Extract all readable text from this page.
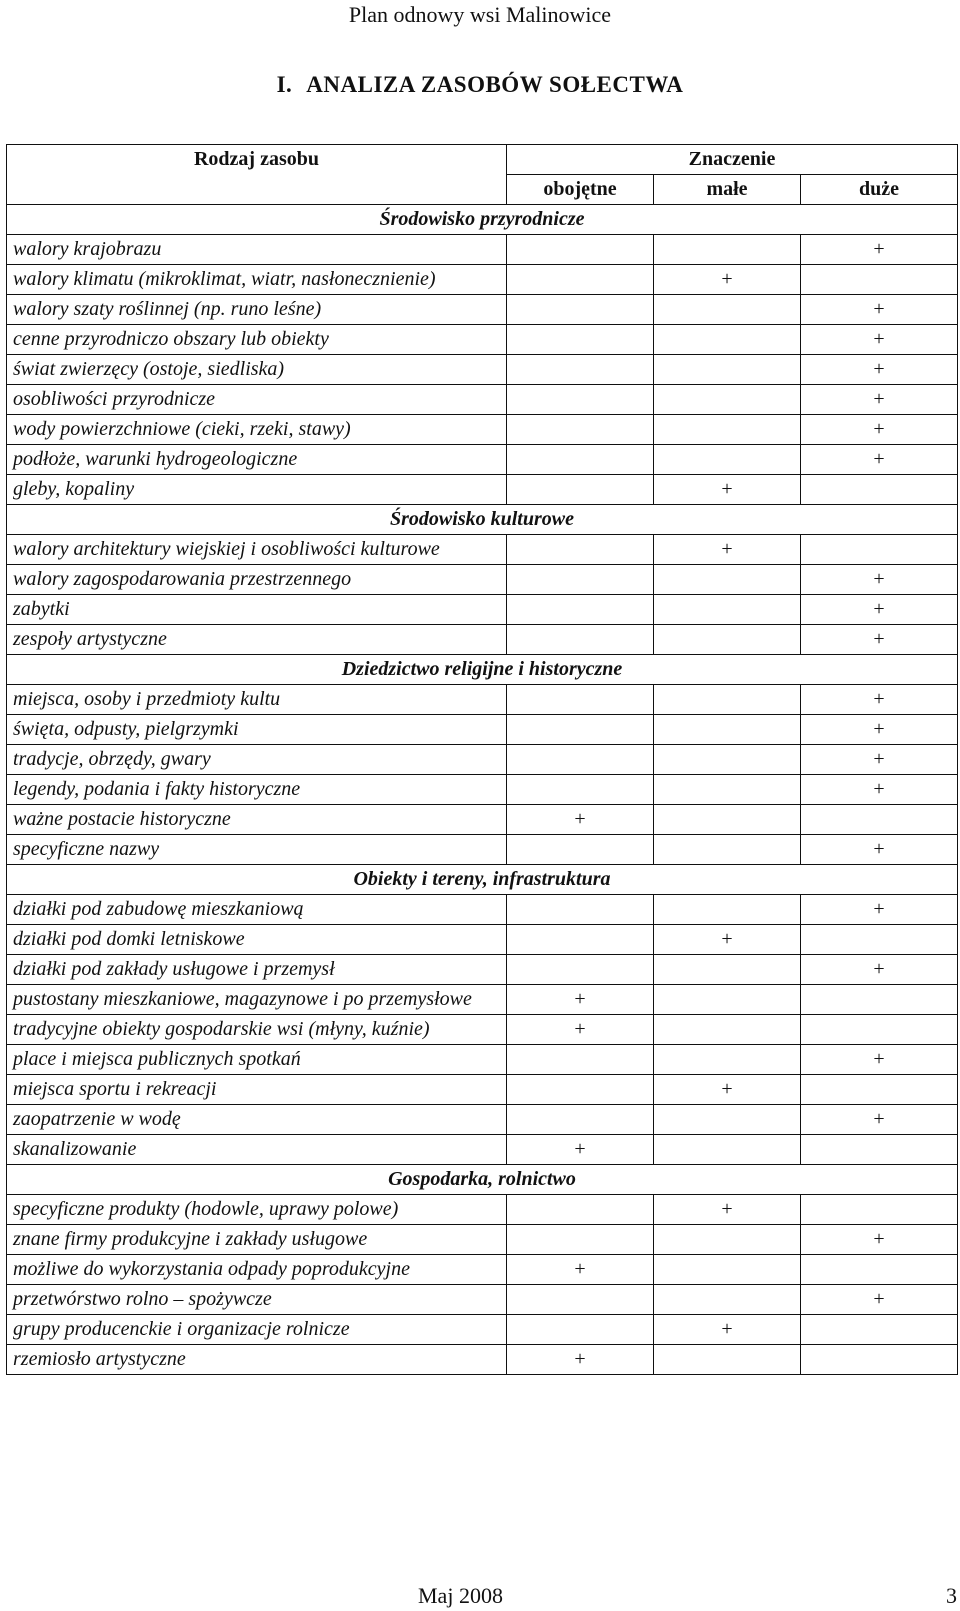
Plan odnowy wsi Malinowice
I. ANALIZA ZASOBÓW SOŁECTWA
Rodzaj zasobu	Znaczenie		
	obojętne	małe	duże
Środowisko przyrodnicze			
walory krajobrazu			+
walory klimatu (mikroklimat, wiatr, nasłonecznienie)		+	
walory szaty roślinnej (np. runo leśne)			+
cenne przyrodniczo obszary lub obiekty			+
świat zwierzęcy (ostoje, siedliska)			+
osobliwości przyrodnicze			+
wody powierzchniowe (cieki, rzeki, stawy)			+
podłoże, warunki hydrogeologiczne			+
gleby, kopaliny		+	
Środowisko kulturowe			
walory architektury wiejskiej i osobliwości kulturowe		+	
walory zagospodarowania przestrzennego			+
zabytki			+
zespoły artystyczne			+
Dziedzictwo religijne i historyczne			
miejsca, osoby i przedmioty kultu			+
święta, odpusty, pielgrzymki			+
tradycje, obrzędy, gwary			+
legendy, podania i fakty historyczne			+
ważne postacie historyczne	+		
specyficzne nazwy			+
Obiekty i tereny, infrastruktura			
działki pod zabudowę mieszkaniową			+
działki pod domki letniskowe		+	
działki pod zakłady usługowe i przemysł			+
pustostany mieszkaniowe, magazynowe i po przemysłowe	+		
tradycyjne obiekty gospodarskie wsi (młyny, kuźnie)	+		
place i miejsca publicznych spotkań			+
miejsca sportu i rekreacji		+	
zaopatrzenie w wodę			+
skanalizowanie	+		
Gospodarka, rolnictwo			
specyficzne produkty (hodowle, uprawy polowe)		+	
znane firmy produkcyjne i zakłady usługowe			+
możliwe do wykorzystania odpady poprodukcyjne	+		
przetwórstwo rolno – spożywcze			+
grupy producenckie i organizacje rolnicze		+	
rzemiosło artystyczne	+		
Maj 2008	3
